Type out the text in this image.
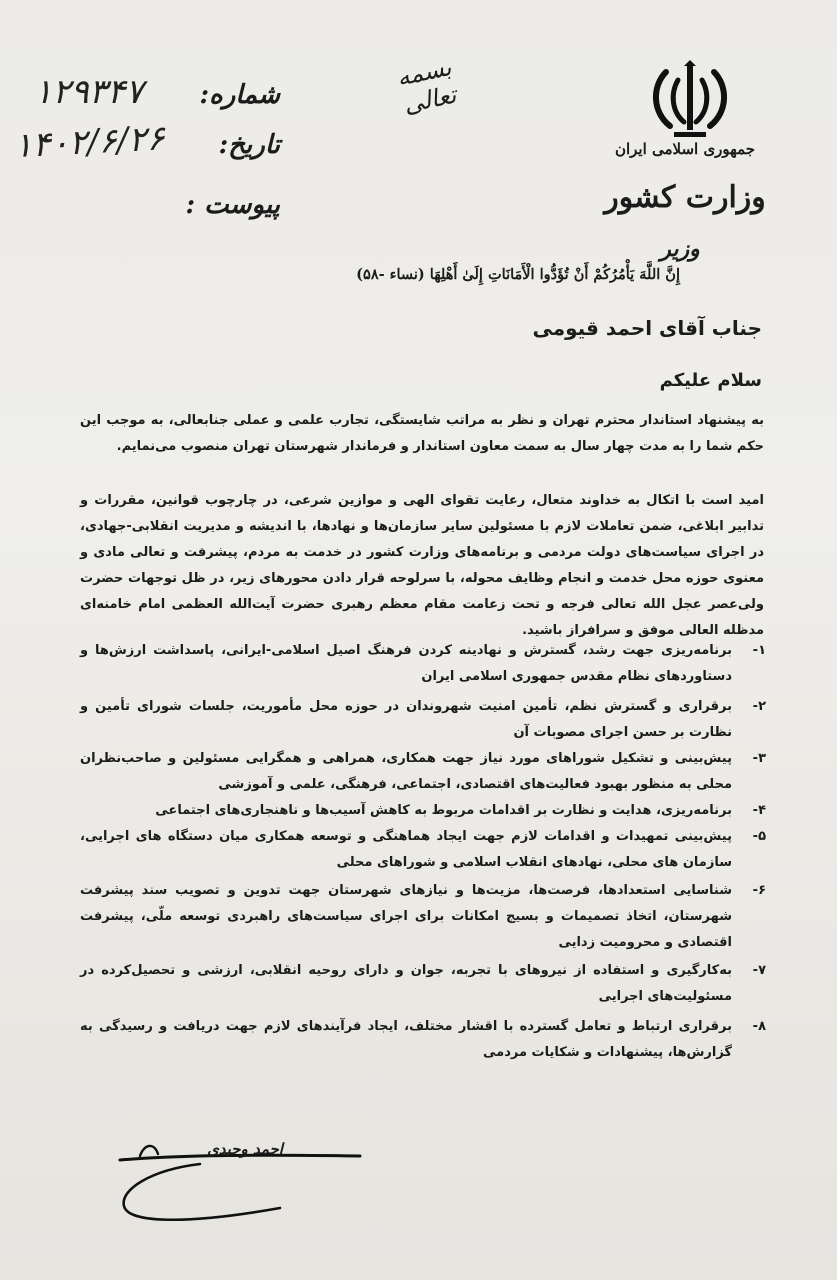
جمهوری اسلامی ایران
وزارت کشور
وزیر
بسمه تعالی
شماره:
تاریخ:
پیوست :
۱۲۹۳۴۷
۱۴۰۲/۶/۲۶
إِنَّ اللَّهَ يَأْمُرُكُمْ أَنْ تُؤَدُّوا الْأَمَانَاتِ إِلَىٰ أَهْلِهَا (نساء -۵۸)
جناب آقای احمد قیومی
سلام علیکم
به پیشنهاد استاندار محترم تهران و نظر به مراتب شایستگی، تجارب علمی و عملی جنابعالی، به موجب این حکم شما را به مدت چهار سال به سمت معاون استاندار و فرماندار شهرستان تهران منصوب می‌نمایم.
امید است با اتکال به خداوند متعال، رعایت تقوای الهی و موازین شرعی، در چارچوب قوانین، مقررات و تدابیر ابلاغی، ضمن تعاملات لازم با مسئولین سایر سازمان‌ها و نهادها، با اندیشه و مدیریت انقلابی-جهادی، در اجرای سیاست‌های دولت مردمی و برنامه‌های وزارت کشور در خدمت به مردم، پیشرفت و تعالی مادی و معنوی حوزه محل خدمت و انجام وظایف محوله، با سرلوحه قرار دادن محورهای زیر، در ظل توجهات حضرت ولی‌عصر عجل الله تعالی فرجه و تحت زعامت مقام معظم رهبری حضرت آیت‌الله العظمی امام خامنه‌ای مدظله العالی موفق و سرافراز باشید.
۱-
برنامه‌ریزی جهت رشد، گسترش و نهادینه کردن فرهنگ اصیل اسلامی-ایرانی، پاسداشت ارزش‌ها و دستاوردهای نظام مقدس جمهوری اسلامی ایران
۲-
برقراری و گسترش نظم، تأمین امنیت شهروندان در حوزه محل مأموریت، جلسات شورای تأمین و نظارت بر حسن اجرای مصوبات آن
۳-
پیش‌بینی و تشکیل شوراهای مورد نیاز جهت همکاری، همراهی و همگرایی مسئولین و صاحب‌نظران محلی به منظور بهبود فعالیت‌های اقتصادی، اجتماعی، فرهنگی، علمی و آموزشی
۴-
برنامه‌ریزی، هدایت و نظارت بر اقدامات مربوط به کاهش آسیب‌ها و ناهنجاری‌های اجتماعی
۵-
پیش‌بینی تمهیدات و اقدامات لازم جهت ایجاد هماهنگی و توسعه همکاری میان دستگاه های اجرایی، سازمان های محلی، نهادهای انقلاب اسلامی و شوراهای محلی
۶-
شناسایی استعدادها، فرصت‌ها، مزیت‌ها و نیازهای شهرستان جهت تدوین و تصویب سند پیشرفت شهرستان، اتخاذ تصمیمات و بسیج امکانات برای اجرای سیاست‌های راهبردی توسعه ملّی، پیشرفت اقتصادی و محرومیت زدایی
۷-
به‌کارگیری و استفاده از نیروهای با تجربه، جوان و دارای روحیه انقلابی، ارزشی و تحصیل‌کرده در مسئولیت‌های اجرایی
۸-
برقراری ارتباط و تعامل گسترده با اقشار مختلف، ایجاد فرآیندهای لازم جهت دریافت و رسیدگی به گزارش‌ها، پیشنهادات و شکایات مردمی
احمد وحیدی
